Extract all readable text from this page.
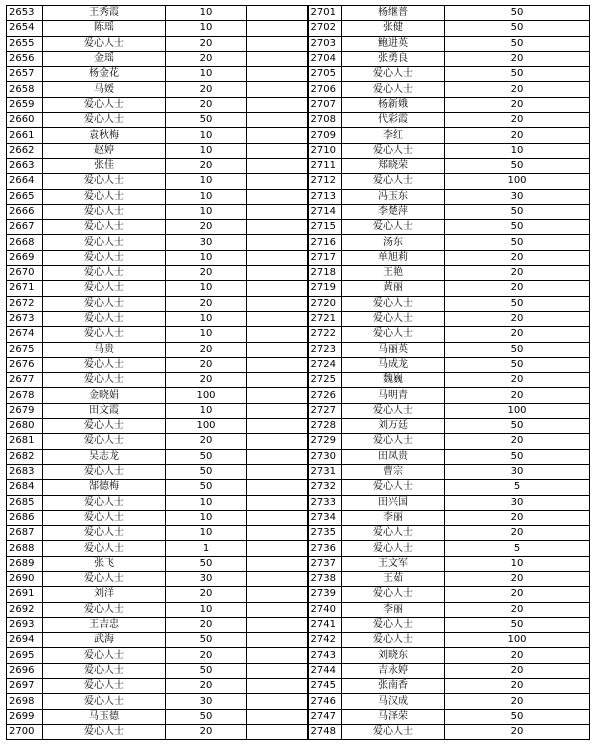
2653	王秀霞	10		2701	杨继普	50
2654	陈瑶	10		2702	张健	50
2655	爱心人士	20		2703	鲍进英	50
2656	金瑶	20		2704	张勇良	20
2657	杨金花	10		2705	爱心人士	50
2658	马媛	20		2706	爱心人士	20
2659	爱心人士	20		2707	杨新娥	20
2660	爱心人士	50		2708	代彩霞	20
2661	袁秋梅	10		2709	李红	20
2662	赵婷	10		2710	爱心人士	10
2663	张佳	20		2711	郑晓荣	50
2664	爱心人士	10		2712	爱心人士	100
2665	爱心人士	10		2713	冯玉东	30
2666	爱心人士	10		2714	李楚萍	50
2667	爱心人士	20		2715	爱心人士	50
2668	爱心人士	30		2716	汤东	50
2669	爱心人士	10		2717	单旭莉	20
2670	爱心人士	20		2718	王艳	20
2671	爱心人士	10		2719	黄丽	20
2672	爱心人士	20		2720	爱心人士	50
2673	爱心人士	10		2721	爱心人士	20
2674	爱心人士	10		2722	爱心人士	20
2675	马贵	20		2723	马丽英	50
2676	爱心人士	20		2724	马成龙	50
2677	爱心人士	20		2725	魏巍	20
2678	金晓娟	100		2726	马明青	20
2679	田文霞	10		2727	爱心人士	100
2680	爱心人士	100		2728	刘万廷	50
2681	爱心人士	20		2729	爱心人士	20
2682	吴志龙	50		2730	田凤贵	50
2683	爱心人士	50		2731	曹宗	30
2684	郜德梅	50		2732	爱心人士	5
2685	爱心人士	10		2733	田兴国	30
2686	爱心人士	10		2734	李丽	20
2687	爱心人士	10		2735	爱心人士	20
2688	爱心人士	1		2736	爱心人士	5
2689	张飞	50		2737	王文军	10
2690	爱心人士	30		2738	王茹	20
2691	刘洋	20		2739	爱心人士	20
2692	爱心人士	10		2740	李丽	20
2693	王吉忠	20		2741	爱心人士	50
2694	武海	50		2742	爱心人士	100
2695	爱心人士	20		2743	刘晓东	20
2696	爱心人士	50		2744	吉永婷	20
2697	爱心人士	20		2745	张南香	20
2698	爱心人士	30		2746	马汉成	20
2699	马玉德	50		2747	马泽荣	50
2700	爱心人士	20		2748	爱心人士	20
